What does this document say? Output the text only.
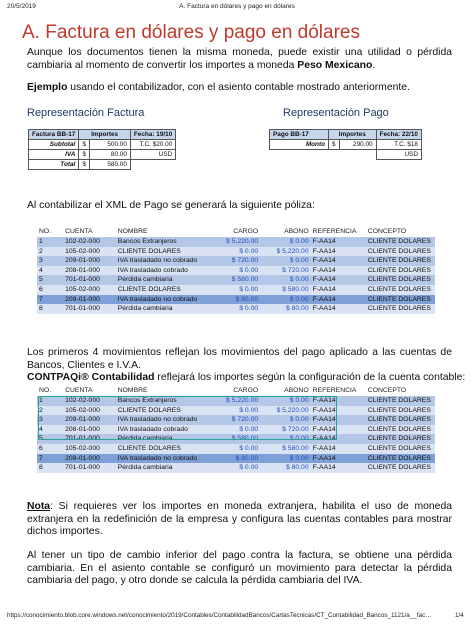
20/5/2019	A. Factura en dólares y pago en dólares
A. Factura en dólares y pago en dólares
Aunque los documentos tienen la misma moneda, puede existir una utilidad o pérdida cambiaria al momento de convertir los importes a moneda Peso Mexicano.
Ejemplo usando el contabilizador, con el asiento contable mostrado anteriormente.
Representación Factura	Representación Pago
Factura BB-17	Importes		Fecha: 19/10
Subtotal	$	500.00	T.C. $20.00
IVA	$	80.00	USD
Total	$	580.00	
Pago BB-17	Importes		Fecha: 22/10
Monto	$	290.00	T.C. $18
			USD
Al contabilizar el XML de Pago se generará la siguiente póliza:
NO.	CUENTA	NOMBRE	CARGO	ABONO	REFERENCIA	CONCEPTO
1	102-02-000	Bancos Extranjeros	$ 5,220.00	$ 0.00	F-AA14	CLIENTE DOLARES
2	105-02-000	CLIENTE DOLARES	$ 0.00	$ 5,220.00	F-AA14	CLIENTE DOLARES
3	209-01-000	IVA trasladado no cobrado	$ 720.00	$ 0.00	F-AA14	CLIENTE DOLARES
4	208-01-000	IVA trasladado cobrado	$ 0.00	$ 720.00	F-AA14	CLIENTE DOLARES
5	701-01-000	Pérdida cambiaria	$ 580.00	$ 0.00	F-AA14	CLIENTE DOLARES
6	105-02-000	CLIENTE DOLARES	$ 0.00	$ 580.00	F-AA14	CLIENTE DOLARES
7	209-01-000	IVA trasladado no cobrado	$ 80.00	$ 0.00	F-AA14	CLIENTE DOLARES
8	701-01-000	Pérdida cambiaria	$ 0.00	$ 80.00	F-AA14	CLIENTE DOLARES
Los primeros 4 movimientos reflejan los movimientos del pago aplicado a las cuentas de Bancos, Clientes e I.V.A.
CONTPAQi® Contabilidad reflejará los importes según la configuración de la cuenta contable:
NO.	CUENTA	NOMBRE	CARGO	ABONO	REFERENCIA	CONCEPTO
1	102-02-000	Bancos Extranjeros	$ 5,220.00	$ 0.00	F-AA14	CLIENTE DOLARES
2	105-02-000	CLIENTE DOLARES	$ 0.00	$ 5,220.00	F-AA14	CLIENTE DOLARES
3	209-01-000	IVA trasladado no cobrado	$ 720.00	$ 0.00	F-AA14	CLIENTE DOLARES
4	208-01-000	IVA trasladado cobrado	$ 0.00	$ 720.00	F-AA14	CLIENTE DOLARES
5	701-01-000	Pérdida cambiaria	$ 580.00	$ 0.00	F-AA14	CLIENTE DOLARES
6	105-02-000	CLIENTE DOLARES	$ 0.00	$ 580.00	F-AA14	CLIENTE DOLARES
7	209-01-000	IVA trasladado no cobrado	$ 80.00	$ 0.00	F-AA14	CLIENTE DOLARES
8	701-01-000	Pérdida cambiaria	$ 0.00	$ 80.00	F-AA14	CLIENTE DOLARES
Nota: Si requieres ver los importes en moneda extranjera, habilita el uso de moneda extranjera en la redefinición de la empresa y configura las cuentas contables para mostrar dichos importes.
Al tener un tipo de cambio inferior del pago contra la factura, se obtiene una pérdida cambiaria. En el asiento contable se configuró un movimiento para detectar la pérdida cambiaria del pago, y otro donde se calcula la pérdida cambiaria del IVA.
https://conocimiento.blob.core.windows.net/conocimiento/2019/Contables/ContabilidadBancos/CartasTecnicas/CT_Contabilidad_Bancos_1121/a__fac…	1/4
